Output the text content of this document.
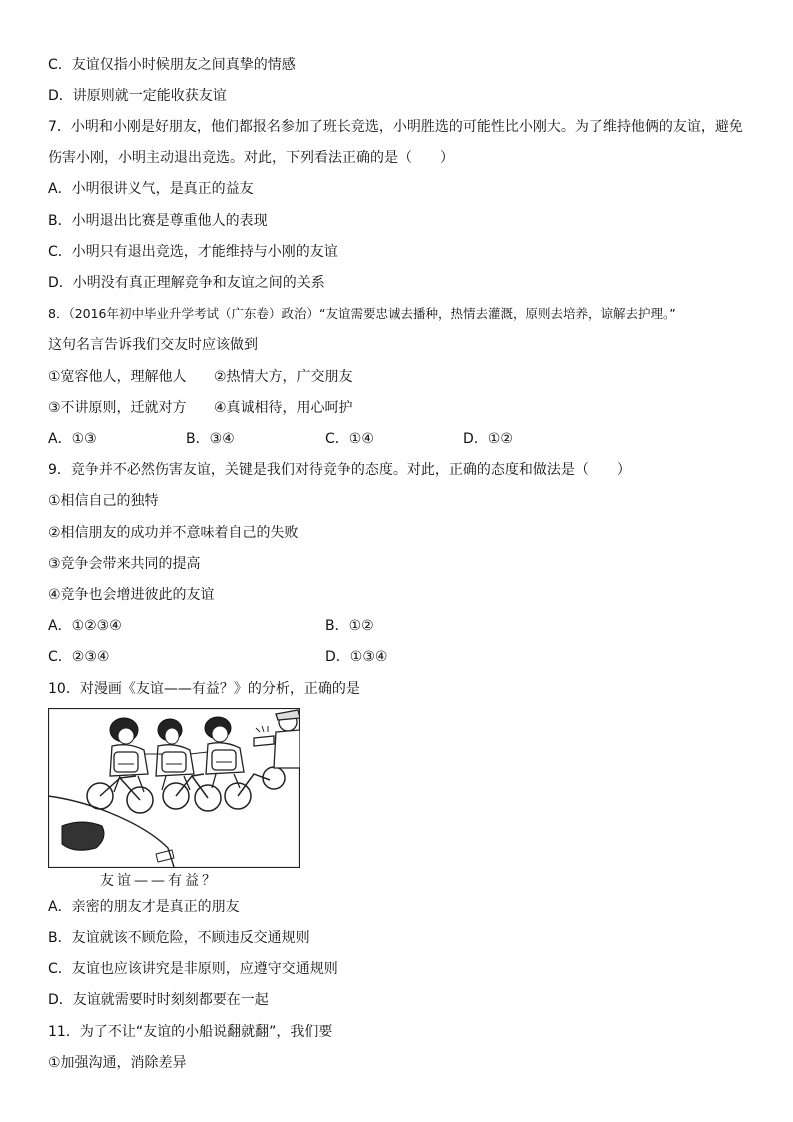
C．友谊仅指小时候朋友之间真挚的情感
D．讲原则就一定能收获友谊
7．小明和小刚是好朋友，他们都报名参加了班长竞选，小明胜选的可能性比小刚大。为了维持他俩的友谊，避免
伤害小刚，小明主动退出竞选。对此，下列看法正确的是（　　）
A．小明很讲义气，是真正的益友
B．小明退出比赛是尊重他人的表现
C．小明只有退出竞选，才能维持与小刚的友谊
D．小明没有真正理解竞争和友谊之间的关系
8．（2016年初中毕业升学考试（广东卷）政治）“友谊需要忠诚去播种，热情去灌溉，原则去培养，谅解去护理。”
这句名言告诉我们交友时应该做到
①宽容他人，理解他人 ②热情大方，广交朋友
③不讲原则，迁就对方 ④真诚相待，用心呵护
A．①③	B．③④	C．①④	D．①②
9．竞争并不必然伤害友谊，关键是我们对待竞争的态度。对此，正确的态度和做法是（　　）
①相信自己的独特
②相信朋友的成功并不意味着自己的失败
③竞争会带来共同的提高
④竞争也会增进彼此的友谊
A．①②③④	B．①②
C．②③④	D．①③④
10．对漫画《友谊——有益？》的分析，正确的是
友谊——有益？
A．亲密的朋友才是真正的朋友
B．友谊就该不顾危险，不顾违反交通规则
C．友谊也应该讲究是非原则，应遵守交通规则
D．友谊就需要时时刻刻都要在一起
11．为了不让“友谊的小船说翻就翻”，我们要
①加强沟通，消除差异
